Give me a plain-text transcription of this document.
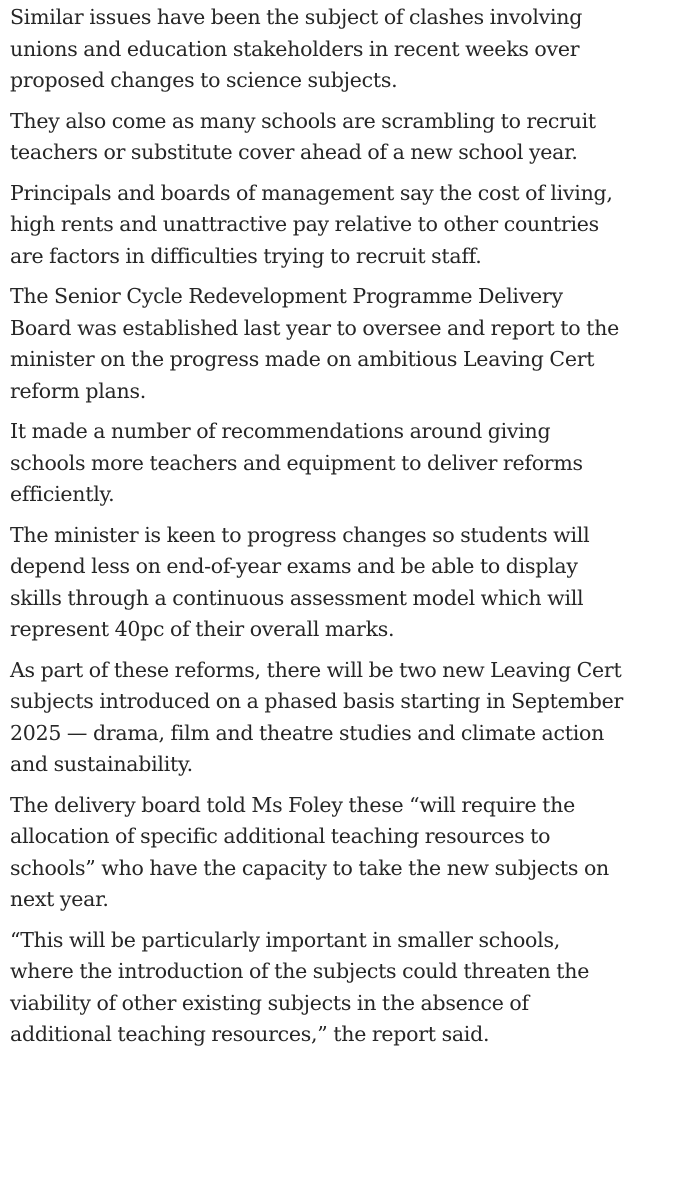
Similar issues have been the subject of clashes involving
unions and education stakeholders in recent weeks over
proposed changes to science subjects.

They also come as many schools are scrambling to recruit
teachers or substitute cover ahead of a new school year.

Principals and boards of management say the cost of living,
high rents and unattractive pay relative to other countries
are factors in difficulties trying to recruit staff.

The Senior Cycle Redevelopment Programme Delivery
Board was established last year to oversee and report to the
minister on the progress made on ambitious Leaving Cert
reform plans.

It made a number of recommendations around giving
schools more teachers and equipment to deliver reforms
efficiently.

The minister is keen to progress changes so students will
depend less on end-of-year exams and be able to display
skills through a continuous assessment model which will
represent 40pc of their overall marks.

As part of these reforms, there will be two new Leaving Cert
subjects introduced on a phased basis starting in September
2025 — drama, film and theatre studies and climate action
and sustainability.

The delivery board told Ms Foley these “will require the
allocation of specific additional teaching resources to
schools” who have the capacity to take the new subjects on
next year.

“This will be particularly important in smaller schools,
where the introduction of the subjects could threaten the
viability of other existing subjects in the absence of
additional teaching resources,” the report said.
